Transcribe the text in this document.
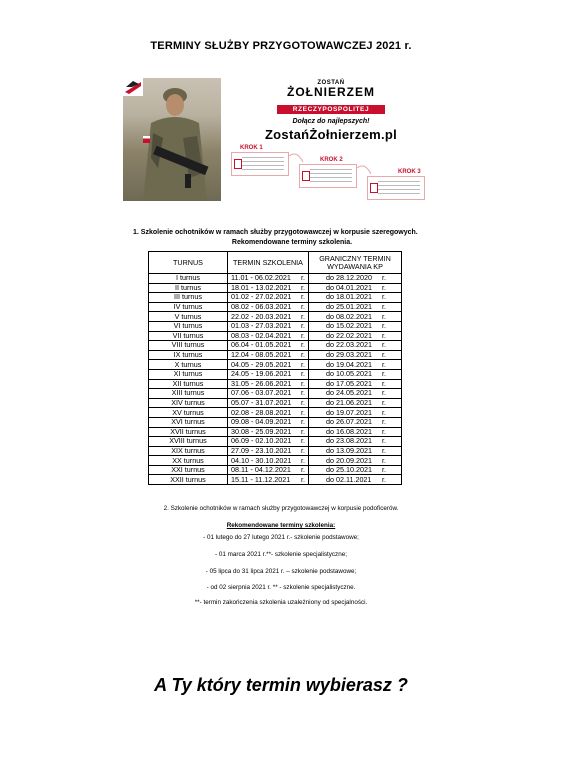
TERMINY SŁUŻBY PRZYGOTOWAWCZEJ 2021 r.
ZOSTAŃ
ŻOŁNIERZEM
RZECZYPOSPOLITEJ
Dołącz do najlepszych!
ZostańŻołnierzem.pl
KROK 1
KROK 2
KROK 3
1. Szkolenie ochotników w ramach służby przygotowawczej w korpusie szeregowych.
Rekomendowane terminy szkolenia.
TURNUS	TERMIN SZKOLENIA	GRANICZNY TERMIN WYDAWANIA KP
I turnus	11.01 - 06.02.2021 r.	do 28.12.2020 r.

II turnus	18.01 - 13.02.2021 r.	do 04.01.2021 r.

III turnus	01.02 - 27.02.2021 r.	do 18.01.2021 r.

IV turnus	08.02 - 06.03.2021 r.	do 25.01.2021 r.

V turnus	22.02 - 20.03.2021 r.	do 08.02.2021 r.

VI turnus	01.03 - 27.03.2021 r.	do 15.02.2021 r.

VII turnus	08.03 - 02.04.2021 r.	do 22.02.2021 r.

VIII turnus	06.04 - 01.05.2021 r.	do 22.03.2021 r.

IX turnus	12.04 - 08.05.2021 r.	do 29.03.2021 r.

X turnus	04.05 - 29.05.2021 r.	do 19.04.2021 r.

XI turnus	24.05 - 19.06.2021 r.	do 10.05.2021 r.

XII turnus	31.05 - 26.06.2021 r.	do 17.05.2021 r.

XIII turnus	07.06 - 03.07.2021 r.	do 24.05.2021 r.

XIV turnus	05.07 - 31.07.2021 r.	do 21.06.2021 r.

XV turnus	02.08 - 28.08.2021 r.	do 19.07.2021 r.

XVI turnus	09.08 - 04.09.2021 r.	do 26.07.2021 r.

XVII turnus	30.08 - 25.09.2021 r.	do 16.08.2021 r.

XVIII turnus	06.09 - 02.10.2021 r.	do 23.08.2021 r.

XIX turnus	27.09 - 23.10.2021 r.	do 13.09.2021 r.

XX turnus	04.10 - 30.10.2021 r.	do 20.09.2021 r.

XXI turnus	08.11 - 04.12.2021 r.	do 25.10.2021 r.

XXII turnus	15.11 - 11.12.2021 r.	do 02.11.2021 r.
2. Szkolenie ochotników w ramach służby przygotowawczej w korpusie podoficerów.
Rekomendowane terminy szkolenia:
- 01 lutego do 27 lutego 2021 r.- szkolenie podstawowe;
- 01 marca 2021 r.**- szkolenie specjalistyczne;
- 05 lipca do 31 lipca 2021 r. – szkolenie podstawowe;
- od 02 sierpnia 2021 r. ** - szkolenie specjalistyczne.
**- termin zakończenia szkolenia uzależniony od specjalności.
A Ty który termin wybierasz ?
